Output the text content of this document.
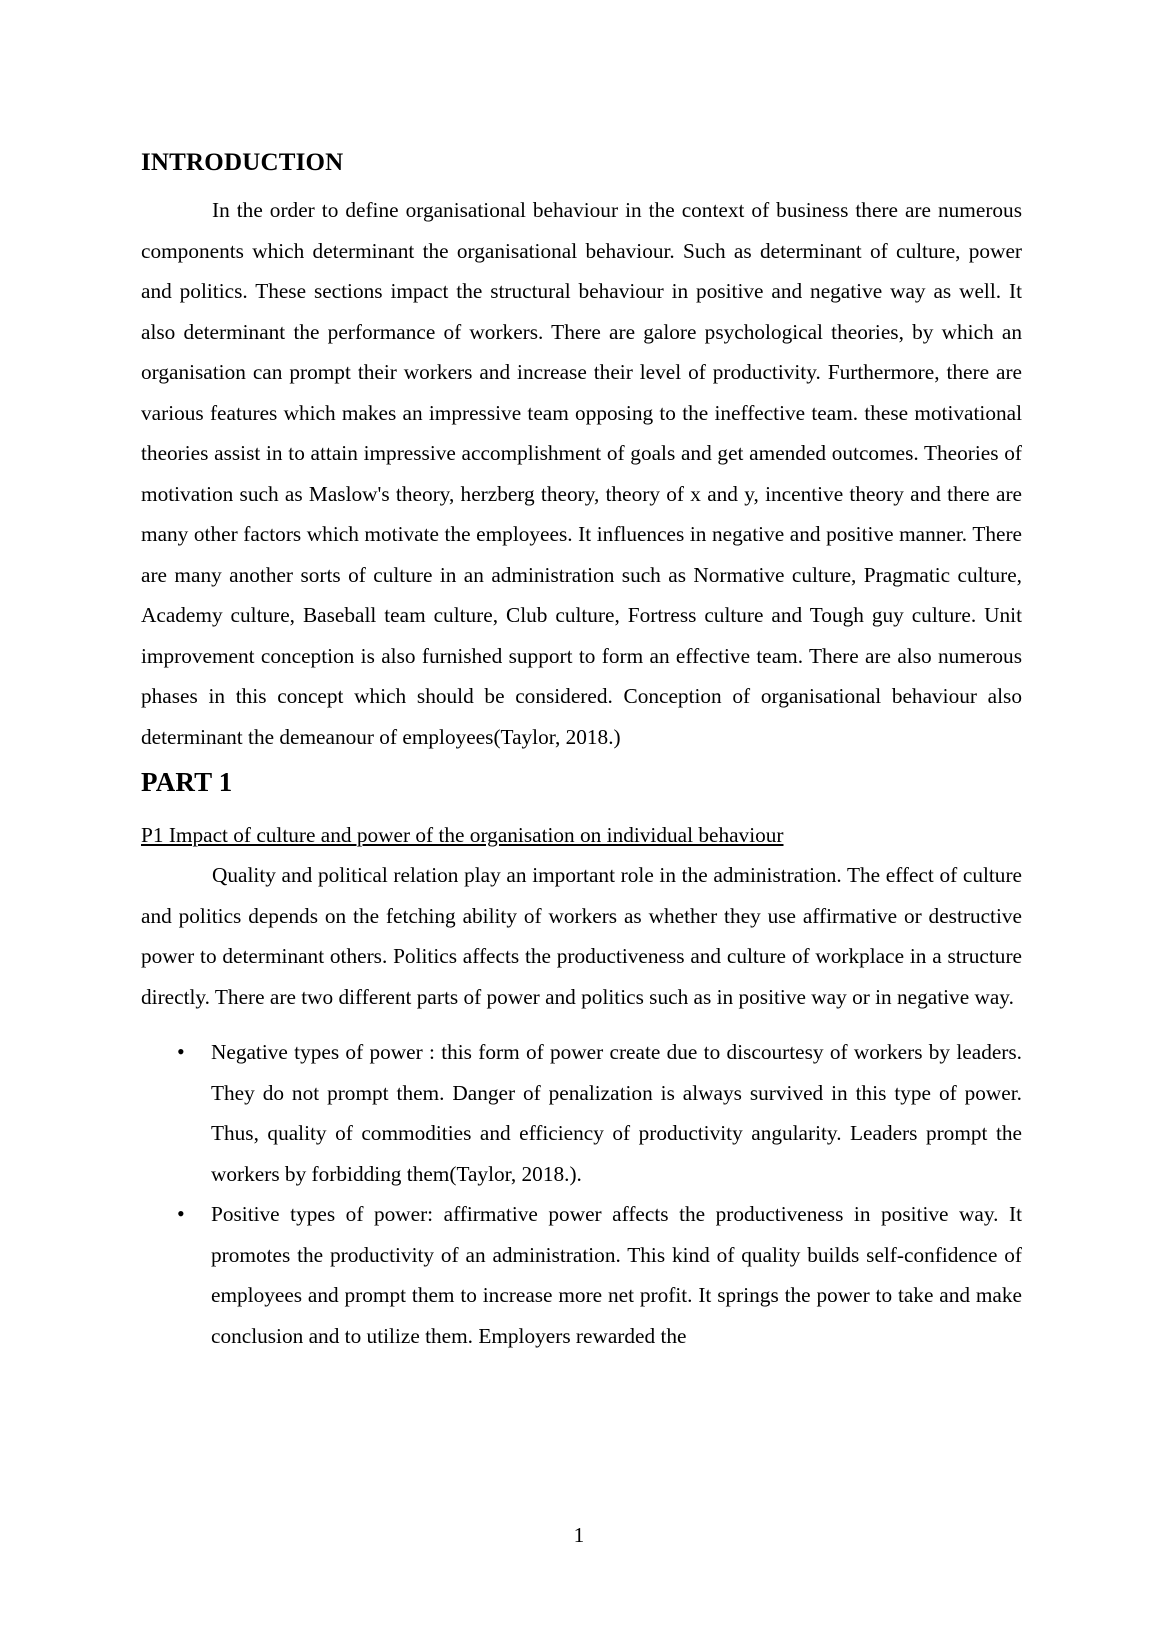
INTRODUCTION

In the order to define organisational behaviour in the context of business there are numerous components which determinant the organisational behaviour. Such as determinant of culture, power and politics. These sections impact the structural behaviour in positive and negative way as well. It also determinant the performance of workers. There are galore psychological theories, by which an organisation can prompt their workers and increase their level of productivity. Furthermore, there are various features which makes an impressive team opposing to the ineffective team. these motivational theories assist in to attain impressive accomplishment of goals and get amended outcomes. Theories of motivation such as Maslow's theory, herzberg theory, theory of x and y, incentive theory and there are many other factors which motivate the employees. It influences in negative and positive manner. There are many another sorts of culture in an administration such as Normative culture, Pragmatic culture, Academy culture, Baseball team culture, Club culture, Fortress culture and Tough guy culture. Unit improvement conception is also furnished support to form an effective team. There are also numerous phases in this concept which should be considered. Conception of organisational behaviour also determinant the demeanour of employees(Taylor, 2018.)

PART 1

P1 Impact of culture and power of the organisation on individual behaviour

Quality and political relation play an important role in the administration. The effect of culture and politics depends on the fetching ability of workers as whether they use affirmative or destructive power to determinant others. Politics affects the productiveness and culture of workplace in a structure directly. There are two different parts of power and politics such as in positive way or in negative way.

• Negative types of power : this form of power create due to discourtesy of workers by leaders. They do not prompt them. Danger of penalization is always survived in this type of power. Thus, quality of commodities and efficiency of productivity angularity. Leaders prompt the workers by forbidding them(Taylor, 2018.).
• Positive types of power: affirmative power affects the productiveness in positive way. It promotes the productivity of an administration. This kind of quality builds self-confidence of employees and prompt them to increase more net profit. It springs the power to take and make conclusion and to utilize them. Employers rewarded the
1
